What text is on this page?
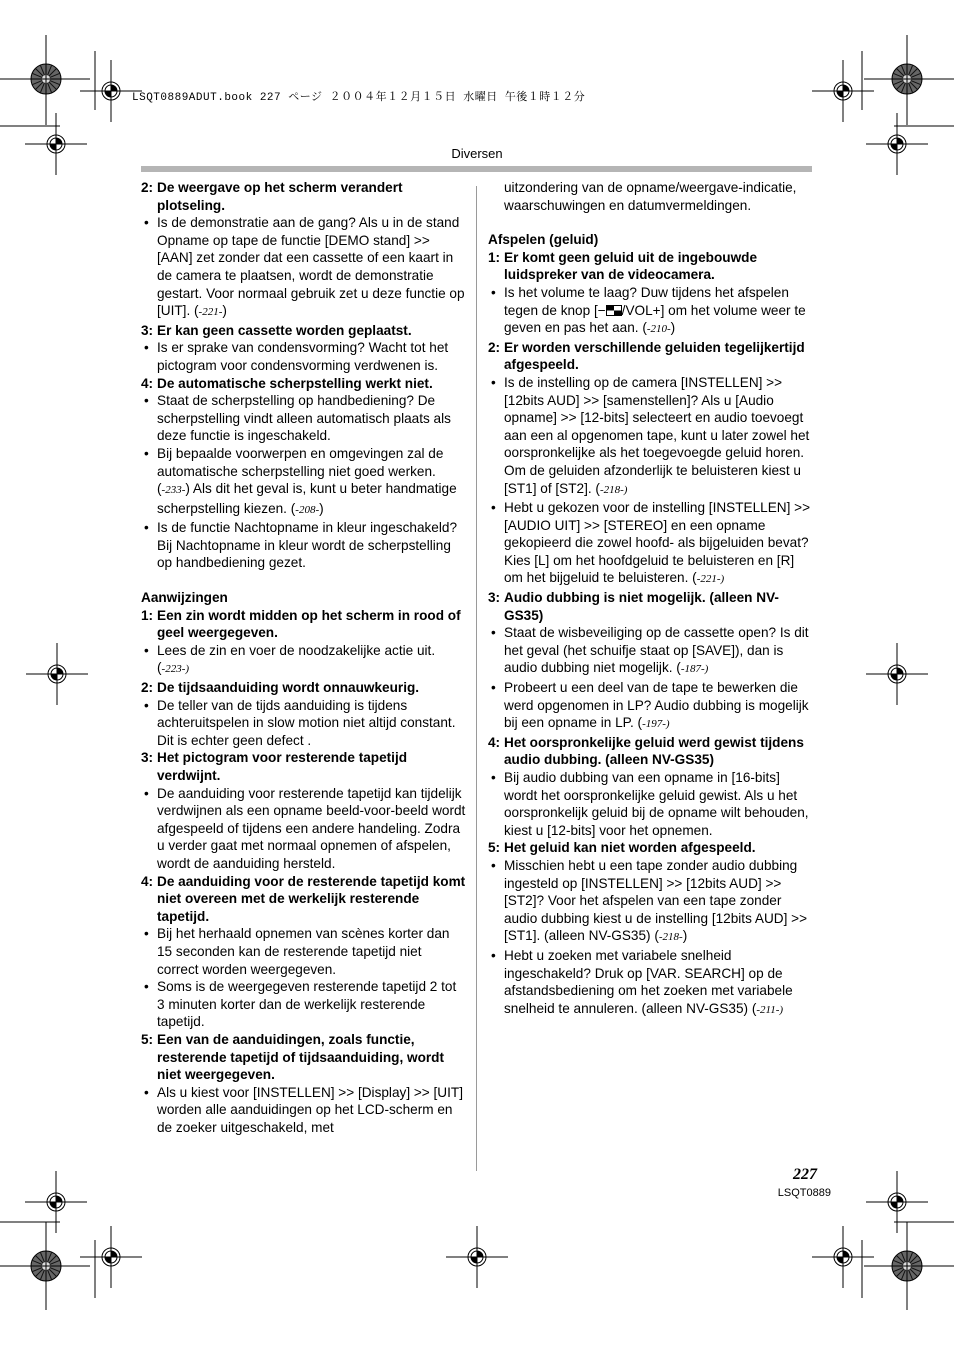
LSQT0889ADUT.book 227 ページ ２００４年１２月１５日 水曜日 午後１時１２分
Diversen
2: De weergave op het scherm verandert plotseling.
• Is de demonstratie aan de gang? Als u in de stand Opname op tape de functie [DEMO stand] >> [AAN] zet zonder dat een cassette of een kaart in de camera te plaatsen, wordt de demonstratie gestart. Voor normaal gebruik zet u deze functie op [UIT]. (-221-)
3: Er kan geen cassette worden geplaatst.
• Is er sprake van condensvorming? Wacht tot het pictogram voor condensvorming verdwenen is.
4: De automatische scherpstelling werkt niet.
• Staat de scherpstelling op handbediening? De scherpstelling vindt alleen automatisch plaats als deze functie is ingeschakeld.
• Bij bepaalde voorwerpen en omgevingen zal de automatische scherpstelling niet goed werken. (-233-) Als dit het geval is, kunt u beter handmatige scherpstelling kiezen. (-208-)
• Is de functie Nachtopname in kleur ingeschakeld? Bij Nachtopname in kleur wordt de scherpstelling op handbediening gezet.
Aanwijzingen
1: Een zin wordt midden op het scherm in rood of geel weergegeven.
• Lees de zin en voer de noodzakelijke actie uit. (-223-)
2: De tijdsaanduiding wordt onnauwkeurig.
• De teller van de tijds aanduiding is tijdens achteruitspelen in slow motion niet altijd constant. Dit is echter geen defect .
3: Het pictogram voor resterende tapetijd verdwijnt.
• De aanduiding voor resterende tapetijd kan tijdelijk verdwijnen als een opname beeld-voor-beeld wordt afgespeeld of tijdens een andere handeling. Zodra u verder gaat met normaal opnemen of afspelen, wordt de aanduiding hersteld.
4: De aanduiding voor de resterende tapetijd komt niet overeen met de werkelijk resterende tapetijd.
• Bij het herhaald opnemen van scènes korter dan 15 seconden kan de resterende tapetijd niet correct worden weergegeven.
• Soms is de weergegeven resterende tapetijd 2 tot 3 minuten korter dan de werkelijk resterende tapetijd.
5: Een van de aanduidingen, zoals functie, resterende tapetijd of tijdsaanduiding, wordt niet weergegeven.
• Als u kiest voor [INSTELLEN] >> [Display] >> [UIT] worden alle aanduidingen op het LCD-scherm en de zoeker uitgeschakeld, met
uitzondering van de opname/weergave-indicatie, waarschuwingen en datumvermeldingen.
Afspelen (geluid)
1: Er komt geen geluid uit de ingebouwde luidspreker van de videocamera.
• Is het volume te laag? Duw tijdens het afspelen tegen de knop [− /VOL+] om het volume weer te geven en pas het aan. (-210-)
2: Er worden verschillende geluiden tegelijkertijd afgespeeld.
• Is de instelling op de camera [INSTELLEN] >> [12bits AUD] >> [samenstellen]? Als u [Audio opname] >> [12-bits] selecteert en audio toevoegt aan een al opgenomen tape, kunt u later zowel het oorspronkelijke als het toegevoegde geluid horen. Om de geluiden afzonderlijk te beluisteren kiest u [ST1] of [ST2]. (-218-)
• Hebt u gekozen voor de instelling [INSTELLEN] >> [AUDIO UIT] >> [STEREO] en een opname gekopieerd die zowel hoofd- als bijgeluiden bevat? Kies [L] om het hoofdgeluid te beluisteren en [R] om het bijgeluid te beluisteren. (-221-)
3: Audio dubbing is niet mogelijk. (alleen NV-GS35)
• Staat de wisbeveiliging op de cassette open? Is dit het geval (het schuifje staat op [SAVE]), dan is audio dubbing niet mogelijk. (-187-)
• Probeert u een deel van de tape te bewerken die werd opgenomen in LP? Audio dubbing is mogelijk bij een opname in LP. (-197-)
4: Het oorspronkelijke geluid werd gewist tijdens audio dubbing. (alleen NV-GS35)
• Bij audio dubbing van een opname in [16-bits] wordt het oorspronkelijke geluid gewist. Als u het oorspronkelijk geluid bij de opname wilt behouden, kiest u [12-bits] voor het opnemen.
5: Het geluid kan niet worden afgespeeld.
• Misschien hebt u een tape zonder audio dubbing ingesteld op [INSTELLEN] >> [12bits AUD] >> [ST2]? Voor het afspelen van een tape zonder audio dubbing kiest u de instelling [12bits AUD] >> [ST1]. (alleen NV-GS35) (-218-)
• Hebt u zoeken met variabele snelheid ingeschakeld? Druk op [VAR. SEARCH] op de afstandsbediening om het zoeken met variabele snelheid te annuleren. (alleen NV-GS35) (-211-)
227
LSQT0889
